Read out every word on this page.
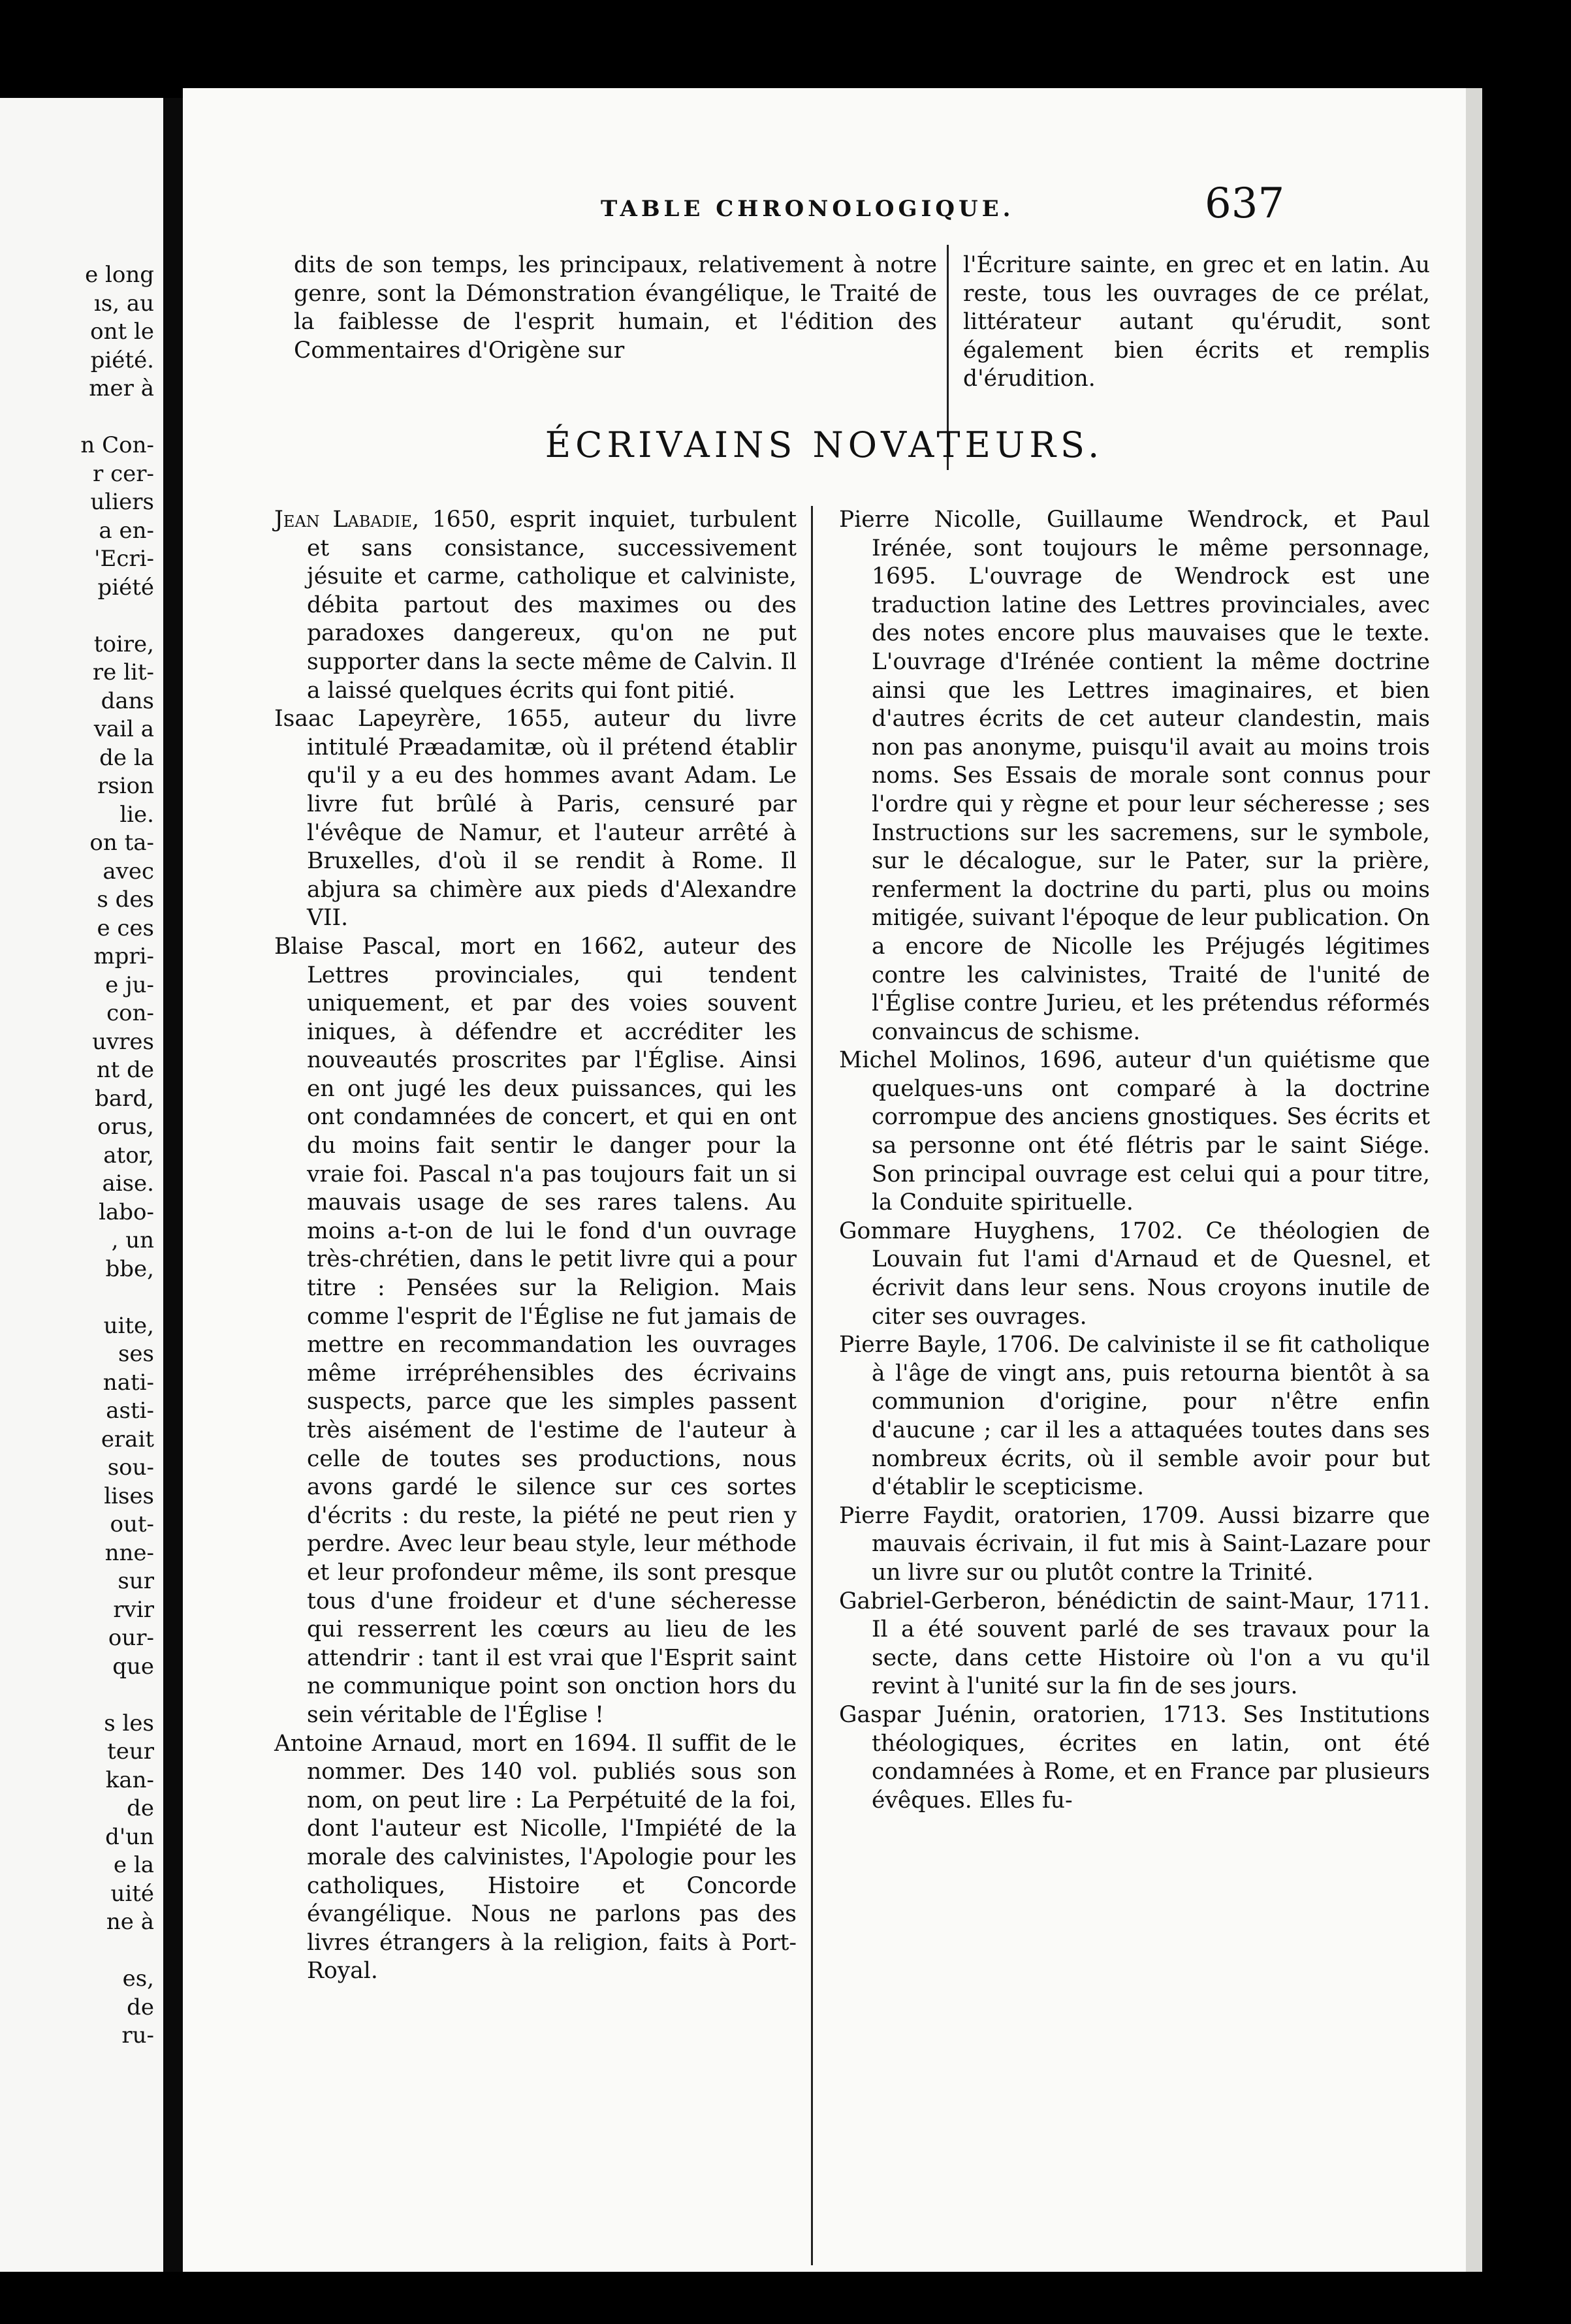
e long
ıs, au
ont le
piété.
mer à
n Con-
r cer-
uliers
a en-
'Ecri-
piété
toire,
re lit-
dans
vail a
de la
rsion
lie.
on ta-
avec
s des
e ces
mpri-
e ju-
con-
uvres
nt de
bard,
orus,
ator,
aise.
labo-
, un
bbe,
uite,
ses
nati-
asti-
erait
sou-
lises
out-
nne-
sur
rvir
our-
que
s les
teur
kan-
de
d'un
e la
uité
ne à
es,
de
ru-
TABLE CHRONOLOGIQUE.	637

dits de son temps, les principaux, relativement à notre genre, sont la Démonstration évangélique, le Traité de la faiblesse de l'esprit humain, et l'édition des Commentaires d'Origène sur

l'Écriture sainte, en grec et en latin. Au reste, tous les ouvrages de ce prélat, littérateur autant qu'érudit, sont également bien écrits et remplis d'érudition.

ÉCRIVAINS NOVATEURS.

Jean Labadie, 1650, esprit inquiet, turbulent et sans consistance, successivement jésuite et carme, catholique et calviniste, débita partout des maximes ou des paradoxes dangereux, qu'on ne put supporter dans la secte même de Calvin. Il a laissé quelques écrits qui font pitié.

Isaac Lapeyrère, 1655, auteur du livre intitulé Præadamitæ, où il prétend établir qu'il y a eu des hommes avant Adam. Le livre fut brûlé à Paris, censuré par l'évêque de Namur, et l'auteur arrêté à Bruxelles, d'où il se rendit à Rome. Il abjura sa chimère aux pieds d'Alexandre VII.

Blaise Pascal, mort en 1662, auteur des Lettres provinciales, qui tendent uniquement, et par des voies souvent iniques, à défendre et accréditer les nouveautés proscrites par l'Église. Ainsi en ont jugé les deux puissances, qui les ont condamnées de concert, et qui en ont du moins fait sentir le danger pour la vraie foi. Pascal n'a pas toujours fait un si mauvais usage de ses rares talens. Au moins a-t-on de lui le fond d'un ouvrage très-chrétien, dans le petit livre qui a pour titre : Pensées sur la Religion. Mais comme l'esprit de l'Église ne fut jamais de mettre en recommandation les ouvrages même irrépréhensibles des écrivains suspects, parce que les simples passent très aisément de l'estime de l'auteur à celle de toutes ses productions, nous avons gardé le silence sur ces sortes d'écrits : du reste, la piété ne peut rien y perdre. Avec leur beau style, leur méthode et leur profondeur même, ils sont presque tous d'une froideur et d'une sécheresse qui resserrent les cœurs au lieu de les attendrir : tant il est vrai que l'Esprit saint ne communique point son onction hors du sein véritable de l'Église !

Antoine Arnaud, mort en 1694. Il suffit de le nommer. Des 140 vol. publiés sous son nom, on peut lire : La Perpétuité de la foi, dont l'auteur est Nicolle, l'Impiété de la morale des calvinistes, l'Apologie pour les catholiques, Histoire et Concorde évangélique. Nous ne parlons pas des livres étrangers à la religion, faits à Port-Royal.

Pierre Nicolle, Guillaume Wendrock, et Paul Irénée, sont toujours le même personnage, 1695. L'ouvrage de Wendrock est une traduction latine des Lettres provinciales, avec des notes encore plus mauvaises que le texte. L'ouvrage d'Irénée contient la même doctrine ainsi que les Lettres imaginaires, et bien d'autres écrits de cet auteur clandestin, mais non pas anonyme, puisqu'il avait au moins trois noms. Ses Essais de morale sont connus pour l'ordre qui y règne et pour leur sécheresse ; ses Instructions sur les sacremens, sur le symbole, sur le décalogue, sur le Pater, sur la prière, renferment la doctrine du parti, plus ou moins mitigée, suivant l'époque de leur publication. On a encore de Nicolle les Préjugés légitimes contre les calvinistes, Traité de l'unité de l'Église contre Jurieu, et les prétendus réformés convaincus de schisme.

Michel Molinos, 1696, auteur d'un quiétisme que quelques-uns ont comparé à la doctrine corrompue des anciens gnostiques. Ses écrits et sa personne ont été flétris par le saint Siége. Son principal ouvrage est celui qui a pour titre, la Conduite spirituelle.

Gommare Huyghens, 1702. Ce théologien de Louvain fut l'ami d'Arnaud et de Quesnel, et écrivit dans leur sens. Nous croyons inutile de citer ses ouvrages.

Pierre Bayle, 1706. De calviniste il se fit catholique à l'âge de vingt ans, puis retourna bientôt à sa communion d'origine, pour n'être enfin d'aucune ; car il les a attaquées toutes dans ses nombreux écrits, où il semble avoir pour but d'établir le scepticisme.

Pierre Faydit, oratorien, 1709. Aussi bizarre que mauvais écrivain, il fut mis à Saint-Lazare pour un livre sur ou plutôt contre la Trinité.

Gabriel-Gerberon, bénédictin de saint-Maur, 1711. Il a été souvent parlé de ses travaux pour la secte, dans cette Histoire où l'on a vu qu'il revint à l'unité sur la fin de ses jours.

Gaspar Juénin, oratorien, 1713. Ses Institutions théologiques, écrites en latin, ont été condamnées à Rome, et en France par plusieurs évêques. Elles fu-
